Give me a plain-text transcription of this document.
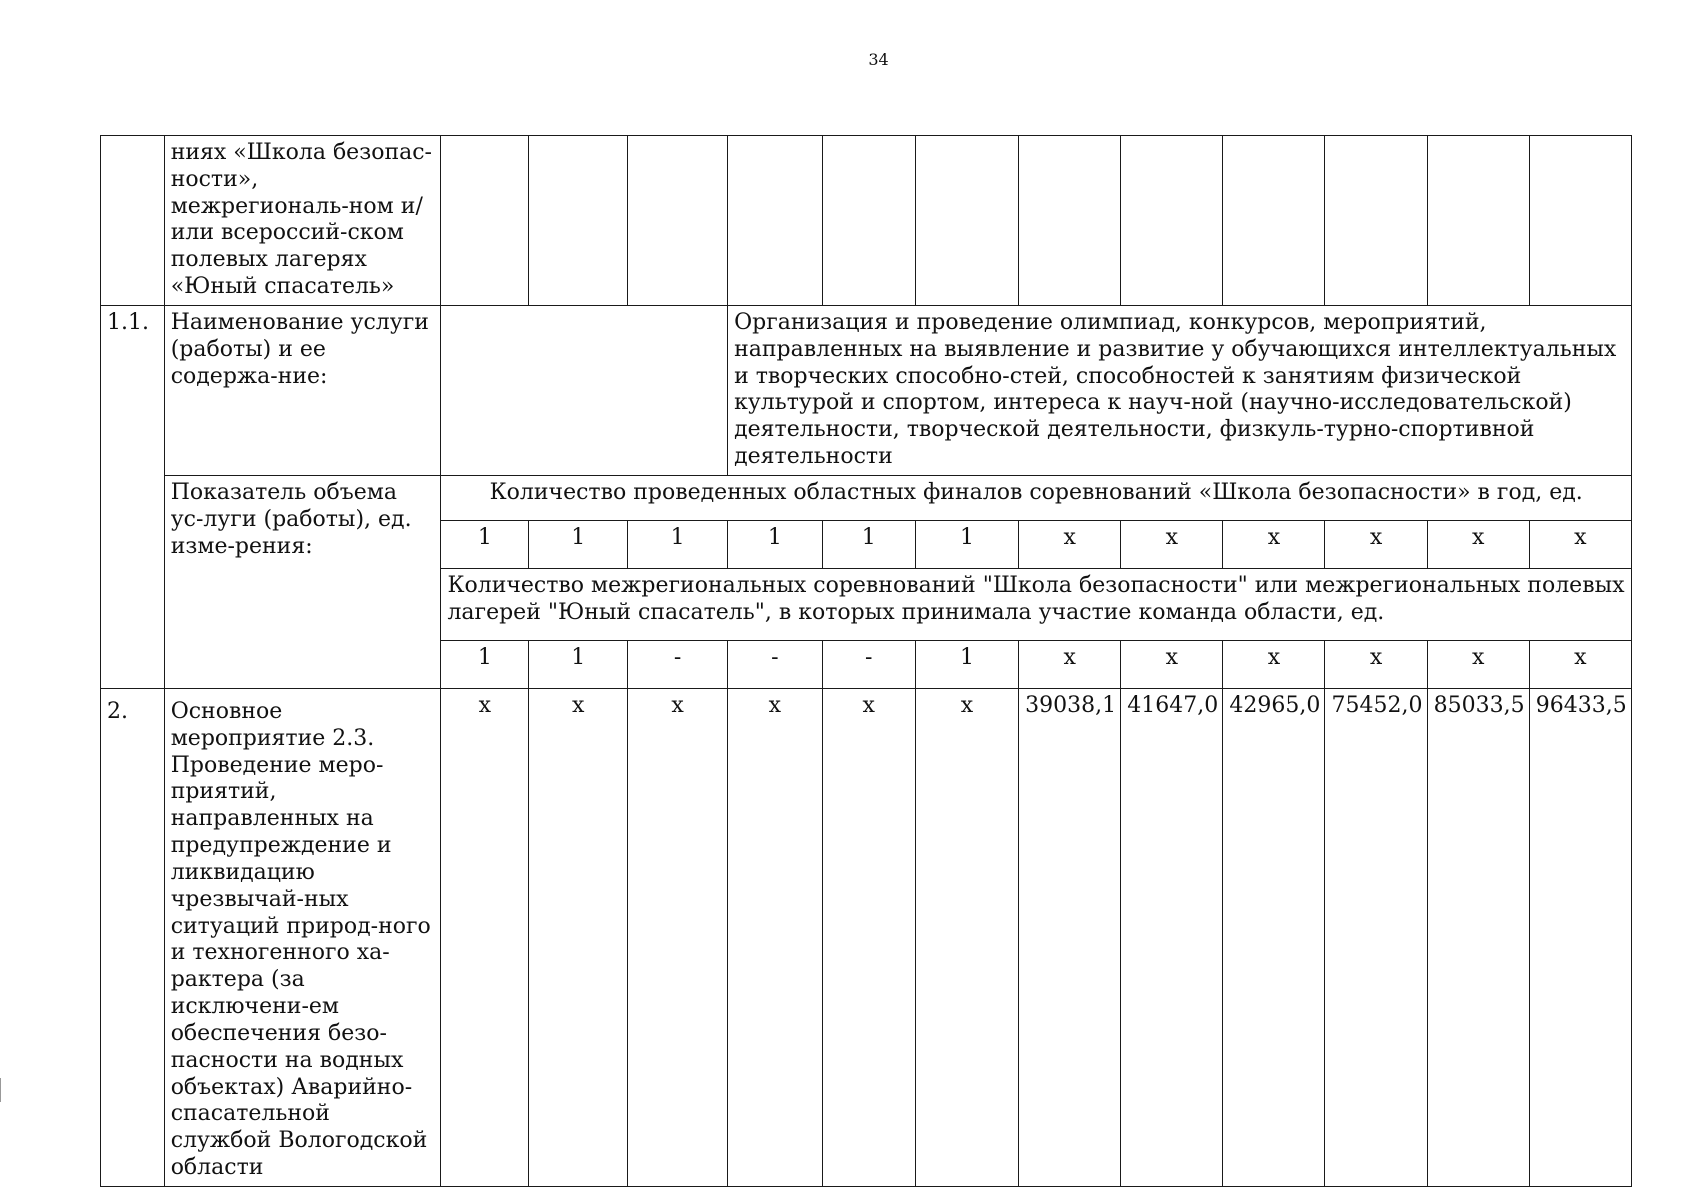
34
	ниях «Школа безопас-ности», межрегиональ-ном и/или всероссий-ском полевых лагерях «Юный спасатель»												
1.1.	Наименование услуги (работы) и ее содержа-ние:				Организация и проведение олимпиад, конкурсов, мероприятий, направленных на выявление и развитие у обучающихся интеллектуальных и творческих способно-стей, способностей к занятиям физической культурой и спортом, интереса к науч-ной (научно-исследовательской) деятельности, творческой деятельности, физкуль-турно-спортивной деятельности								
	Показатель объема ус-луги (работы), ед. изме-рения:	Количество проведенных областных финалов соревнований «Школа безопасности» в год, ед.											
		1	1	1	1	1	1	х	х	х	х	х	х
		Количество межрегиональных соревнований "Школа безопасности" или межрегиональных полевых лагерей "Юный спасатель", в которых принимала участие команда области, ед.											
		1	1	-	-	-	1	х	х	х	х	х	х
2.	Основное мероприятие 2.3. Проведение меро-приятий, направленных на предупреждение и ликвидацию чрезвычай-ных ситуаций природ-ного и техногенного ха-рактера (за исключени-ем обеспечения безо-пасности на водных объектах) Аварийно-спасательной службой Вологодской области	х	х	х	х	х	х	39038,1	41647,0	42965,0	75452,0	85033,5	96433,5
